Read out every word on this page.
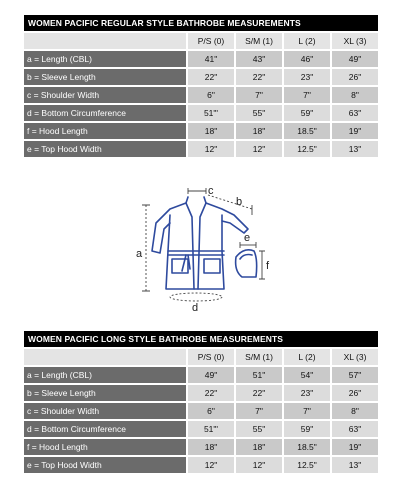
WOMEN PACIFIC REGULAR STYLE BATHROBE MEASUREMENTS
P/S (0)	S/M (1)	L (2)	XL (3)
a = Length (CBL)	41"	43"	46"	49"
b = Sleeve Length	22"	22"	23"	26"
c = Shoulder Width	6"	7"	7"	8"
d = Bottom Circumference	51"'	55"	59"	63"
f = Hood Length	18"	18"	18.5"	19"
e = Top Hood Width	12"	12"	12.5"	13"
a
b
c
d
e
f
WOMEN PACIFIC LONG STYLE BATHROBE MEASUREMENTS
P/S (0)	S/M (1)	L (2)	XL (3)
a = Length (CBL)	49"	51"	54"	57"
b = Sleeve Length	22"	22"	23"	26"
c = Shoulder Width	6"	7"	7"	8"
d = Bottom Circumference	51"'	55"	59"	63"
f = Hood Length	18"	18"	18.5"	19"
e = Top Hood Width	12"	12"	12.5"	13"
